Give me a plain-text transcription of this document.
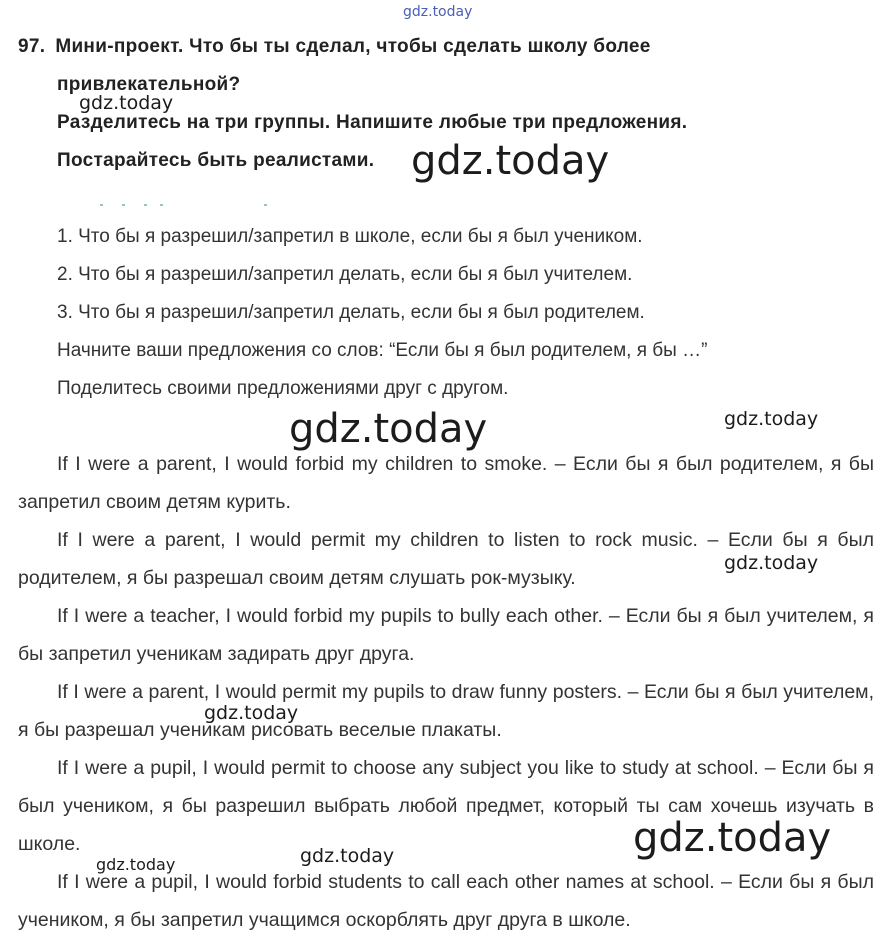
gdz.today
97. Мини-проект. Что бы ты сделал, чтобы сделать школу более
привлекательной?
Разделитесь на три группы. Напишите любые три предложения.
Постарайтесь быть реалистами.
1. Что бы я разрешил/запретил в школе, если бы я был учеником.
2. Что бы я разрешил/запретил делать, если бы я был учителем.
3. Что бы я разрешил/запретил делать, если бы я был родителем.
Начните ваши предложения со слов: “Если бы я был родителем, я бы …”
Поделитесь своими предложениями друг с другом.
If I were a parent, I would forbid my children to smoke. – Если бы я был родителем, я бы запретил своим детям курить.
If I were a parent, I would permit my children to listen to rock music. – Если бы я был родителем, я бы разрешал своим детям слушать рок-музыку.
If I were a teacher, I would forbid my pupils to bully each other. – Если бы я был учителем, я бы запретил ученикам задирать друг друга.
If I were a parent, I would permit my pupils to draw funny posters. – Если бы я был учителем, я бы разрешал ученикам рисовать веселые плакаты.
If I were a pupil, I would permit to choose any subject you like to study at school. – Если бы я был учеником, я бы разрешил выбрать любой предмет, который ты сам хочешь изучать в школе.
If I were a pupil, I would forbid students to call each other names at school. – Если бы я был учеником, я бы запретил учащимся оскорблять друг друга в школе.
gdz.today
gdz.today
gdz.today	gdz.today
gdz.today
gdz.today
gdz.today
gdz.today
gdz.today
